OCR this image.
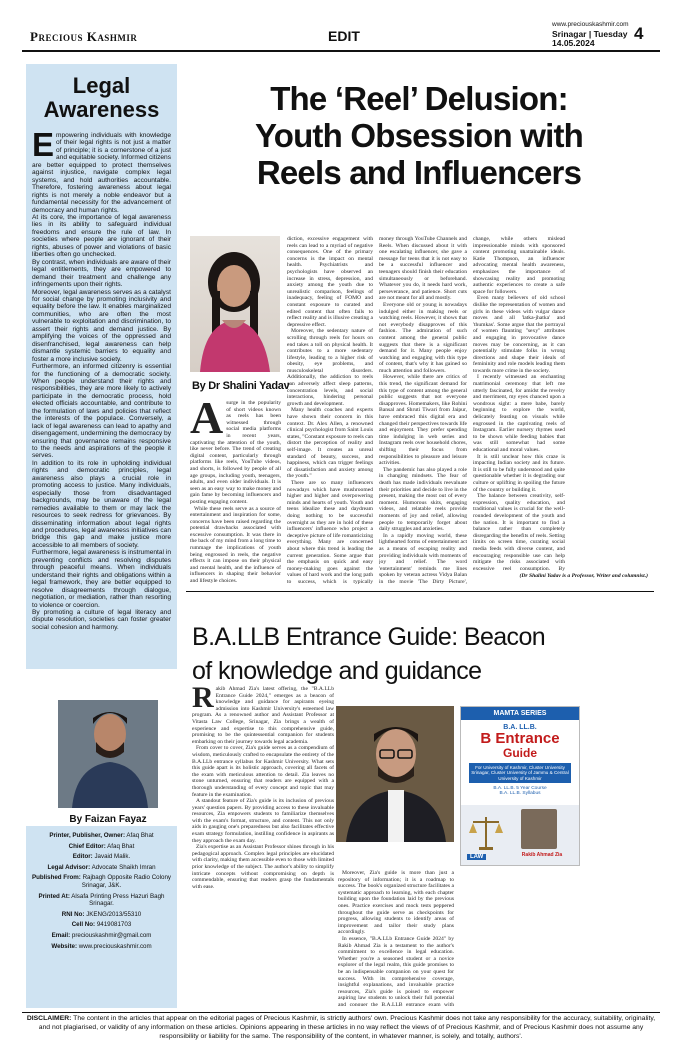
Precious Kashmir	EDIT
www.preciouskashmir.com
Srinagar | Tuesday
14.05.2024 4
Legal
Awareness

Empowering individuals with knowledge of their legal rights is not just a matter of principle; it is a cornerstone of a just and equitable society. Informed citizens are better equipped to protect themselves against injustice, navigate complex legal systems, and hold authorities accountable. Therefore, fostering awareness about legal rights is not merely a noble endeavor but a fundamental necessity for the advancement of democracy and human rights.

At its core, the importance of legal awareness lies in its ability to safeguard individual freedoms and ensure the rule of law. In societies where people are ignorant of their rights, abuses of power and violations of basic liberties often go unchecked.

By contrast, when individuals are aware of their legal entitlements, they are empowered to demand their treatment and challenge any infringements upon their rights.

Moreover, legal awareness serves as a catalyst for social change by promoting inclusivity and equality before the law. It enables marginalized communities, who are often the most vulnerable to exploitation and discrimination, to assert their rights and demand justice. By amplifying the voices of the oppressed and disenfranchised, legal awareness can help dismantle systemic barriers to equality and foster a more inclusive society.

Furthermore, an informed citizenry is essential for the functioning of a democratic society. When people understand their rights and responsibilities, they are more likely to actively participate in the democratic process, hold elected officials accountable, and contribute to the formulation of laws and policies that reflect the interests of the populace. Conversely, a lack of legal awareness can lead to apathy and disengagement, undermining the democracy by ensuring that governance remains responsive to the needs and aspirations of the people it serves.

In addition to its role in upholding individual rights and democratic principles, legal awareness also plays a crucial role in promoting access to justice. Many individuals, especially those from disadvantaged backgrounds, may be unaware of the legal remedies available to them or may lack the resources to seek redress for grievances. By disseminating information about legal rights and procedures, legal awareness initiatives can bridge this gap and make justice more accessible to all members of society.

Furthermore, legal awareness is instrumental in preventing conflicts and resolving disputes through peaceful means. When individuals understand their rights and obligations within a legal framework, they are better equipped to resolve disagreements through dialogue, negotiation, or mediation, rather than resorting to violence or coercion.

By promoting a culture of legal literacy and dispute resolution, societies can foster greater social cohesion and harmony.

The ‘Reel’ Delusion:
Youth Obsession with
Reels and Influencers
By Dr Shalini Yadav

Asurge in the popularity of short videos known as reels has been witnessed through social media platforms in recent years, captivating the attention of the youth, like never before. The trend of creating digital content, particularly through platforms like reels, YouTube videos, and shorts, is followed by people of all age groups, including youth, teenagers, adults, and even older individuals. It is seen as an easy way to make money and gain fame by becoming influencers and posting engaging content.

While these reels serve as a source of entertainment and inspiration for some, concerns have been raised regarding the potential drawbacks associated with excessive consumption. It was there in the back of my mind from a long time to rummage the implications of youth being engrossed in reels, the negative effects it can impose on their physical and mental health, and the influence of influencers in shaping their behavior and lifestyle choices.

diction, excessive engagement with reels can lead to a myriad of negative consequences. One of the primary concerns is the impact on mental health. Psychiatrists and psychologists have observed an increase in stress, depression, and anxiety among the youth due to unrealistic comparison, feelings of inadequacy, feeling of FOMO and constant exposure to curated and edited content that often fails to reflect reality and is illusive creating a depressive effect.

Moreover, the sedentary nature of scrolling through reels for hours on end takes a toll on physical health. It contributes to a more sedentary lifestyle, leading to a higher risk of obesity, eye problems, and musculoskeletal disorders. Additionally, the addiction to reels can adversely affect sleep patterns, concentration levels, and social interactions, hindering personal growth and development.

Many health coaches and experts have shown their concern in this context. Dr. Alex Allen, a renowned clinical psychologist from Saint Louis states, "Constant exposure to reels can distort the perception of reality and self-image. It creates an unreal standard of beauty, success, and happiness, which can trigger feelings of dissatisfaction and anxiety among the youth."

There are so many influencers nowadays which have mushroomed higher and higher and overpowering minds and hearts of youth. Youth and teens idealize these and daydream doing nothing to be successful overnight as they are in hold of these influencers' influence who project a deceptive picture of life romanticizing everything. Many are concerned about where this trend is leading the current generation. Some argue that the emphasis on quick and easy money-making goes against the values of hard work and the long path to success, which is typically

money through YouTube Channels and Reels. When discussed about it with one escalating influencer, she gave a message for teens that it is not easy to be a successful influencer and teenagers should finish their education simultaneously or beforehand. Whatever you do, it needs hard work, perseverance, and patience. Short cuts are not meant for all and mostly.

Everyone old or young is nowadays indulged either in making reels or watching reels. However, it shows that not everybody disapproves of this fashion. The admiration of such content among the general public suggests that there is a significant demand for it. Many people enjoy watching and engaging with this type of content, that's why it has gained so much attention and followers.

However, while there are critics of this trend, the significant demand for this type of content among the general public suggests that not everyone disapproves. Homemakers, like Rohini Bansal and Shruti Tiwari from Jaipur, have embraced this digital era and changed their perspectives towards life and enjoyment. They prefer spending time indulging in web series and Instagram reels over household chores, shifting their focus from responsibilities to pleasure and leisure activities.

The pandemic has also played a role in changing mindsets. The fear of death has made individuals reevaluate their priorities and decide to live in the present, making the most out of every moment. Humorous skits, engaging videos, and relatable reels provide moments of joy and relief, allowing people to temporarily forget about daily struggles and anxieties.

In a rapidly moving world, these lighthearted forms of entertainment act as a means of escaping reality and providing individuals with moments of joy and relief. The word 'entertainment' reminds me lines spoken by veteran actress Vidya Balan in the movie 'The Dirty Picture',

change, while others mislead impressionable minds with sponsored content promoting unattainable ideals. Katie Thompson, an influencer advocating mental health awareness, emphasizes the importance of showcasing reality and promoting authentic experiences to create a safe space for followers.

Even many believers of old school dislike the representation of women and girls in these videos with vulgar dance moves and all 'latka-jhatka' and 'thumkas'. Some argue that the portrayal of women flaunting "sexy" attributes and engaging in provocative dance moves may be concerning, as it can potentially stimulate folks in wrong directions and shape their ideals of femininity and role models leading them towards more crime in the society.

I recently witnessed an enchanting matrimonial ceremony that left me utterly fascinated, for amidst the revelry and merriment, my eyes chanced upon a wondrous sight: a mere babe, barely beginning to explore the world, delicately feasting on visuals while engrossed in the captivating reels of Instagram. Earlier nursery rhymes used to be shown while feeding babies that was still somewhat had some educational and moral values.

It is still unclear how this craze is impacting Indian society and its future. It is still to be fully understood and quite questionable whether it is degrading our culture or uplifting in spoiling the future of the country or building it.

The balance between creativity, self-expression, quality education, and traditional values is crucial for the well-rounded development of the youth and the nation. It is important to find a balance rather than completely disregarding the benefits of reels. Setting limits on screen time, curating social media feeds with diverse content, and encouraging responsible use can help mitigate the risks associated with excessive reel consumption. By

(Dr Shalini Yadav is a Professor, Writer and columnist.)
B.A.LLB Entrance Guide: Beacon
of knowledge and guidance
By Faizan Fayaz

Rakib Ahmad Zia's latest offering, the "B.A.LLb Entrance Guide 2024," emerges as a beacon of knowledge and guidance for aspirants eyeing admission into Kashmir University's esteemed law program. As a renowned author and Assistant Professor at Vitasta Law College, Srinagar, Zia brings a wealth of experience and expertise to this comprehensive guide, promising to be the quintessential companion for students embarking on their journey towards legal academia.

From cover to cover, Zia's guide serves as a compendium of wisdom, meticulously crafted to encapsulate the entirety of the B.A.LLb entrance syllabus for Kashmir University. What sets this guide apart is its holistic approach, covering all facets of the exam with meticulous attention to detail. Zia leaves no stone unturned, ensuring that readers are equipped with a thorough understanding of every concept and topic that may feature in the examination.

A standout feature of Zia's guide is its inclusion of previous years' question papers. By providing access to these invaluable resources, Zia empowers students to familiarize themselves with the exam's format, structure, and content. This not only aids in gauging one's preparedness but also facilitates effective exam strategy formulation, instilling confidence in aspirants as they approach the exam day.

Zia's expertise as an Assistant Professor shines through in his pedagogical approach. Complex legal principles are elucidated with clarity, making them accessible even to those with limited prior knowledge of the subject. The author's ability to simplify intricate concepts without compromising on depth is commendable, ensuring that readers grasp the fundamentals with ease.

MAMTA SERIES
B.A. LL.B.
B Entrance
Guide
For University of Kashmir, Cluster University Srinagar, Cluster University of Jammu & Central University of Kashmir
B.A. LL.B. 5 Year Course
B.A. LL.B. Syllabus
Rakib Ahmad Zia
LAW

Moreover, Zia's guide is more than just a repository of information; it is a roadmap to success. The book's organized structure facilitates a systematic approach to learning, with each chapter building upon the foundation laid by the previous ones. Practice exercises and mock tests peppered throughout the guide serve as checkpoints for progress, allowing students to identify areas of improvement and tailor their study plans accordingly.

In essence, "B.A.LLb Entrance Guide 2024" by Rakib Ahmad Zia is a testament to the author's commitment to excellence in legal education. Whether you're a seasoned student or a novice explorer of the legal realm, this guide promises to be an indispensable companion on your quest for success. With its comprehensive coverage, insightful explanations, and invaluable practice resources, Zia's guide is poised to empower aspiring law students to unlock their full potential and conquer the B.A.LLB entrance exam with

Printer, Publisher, Owner: Afaq Bhat
Chief Editor: Afaq Bhat
Editor: Javaid Malik.
Legal Advisor: Advocate Shaikh Imran
Published From: Rajbagh Opposite Radio Colony Srinagar, J&K.
Printed At: Alsafa Printing Press Hazuri Bagh Srinagar.
RNI No: JKENG/2013/55310
Cell No: 9419081703
Email: preciouskashmir@gmail.com
Website: www.preciouskashmir.com
DISCLAIMER: The content in the articles that appear on the editorial pages of Precious Kashmir, is strictly authors' own. Precious Kashmir does not take any responsibility for the accuracy, suitability, originality, and not plagiarised, or validity of any information on these articles. Opinions appearing in these articles in no way reflect the views of of Precious Kashmir, and of Precious Kashmir does not assume any responsibility or liability for the same. The responsibility of the content, in whatever manner, is solely, and totally, authors'.
